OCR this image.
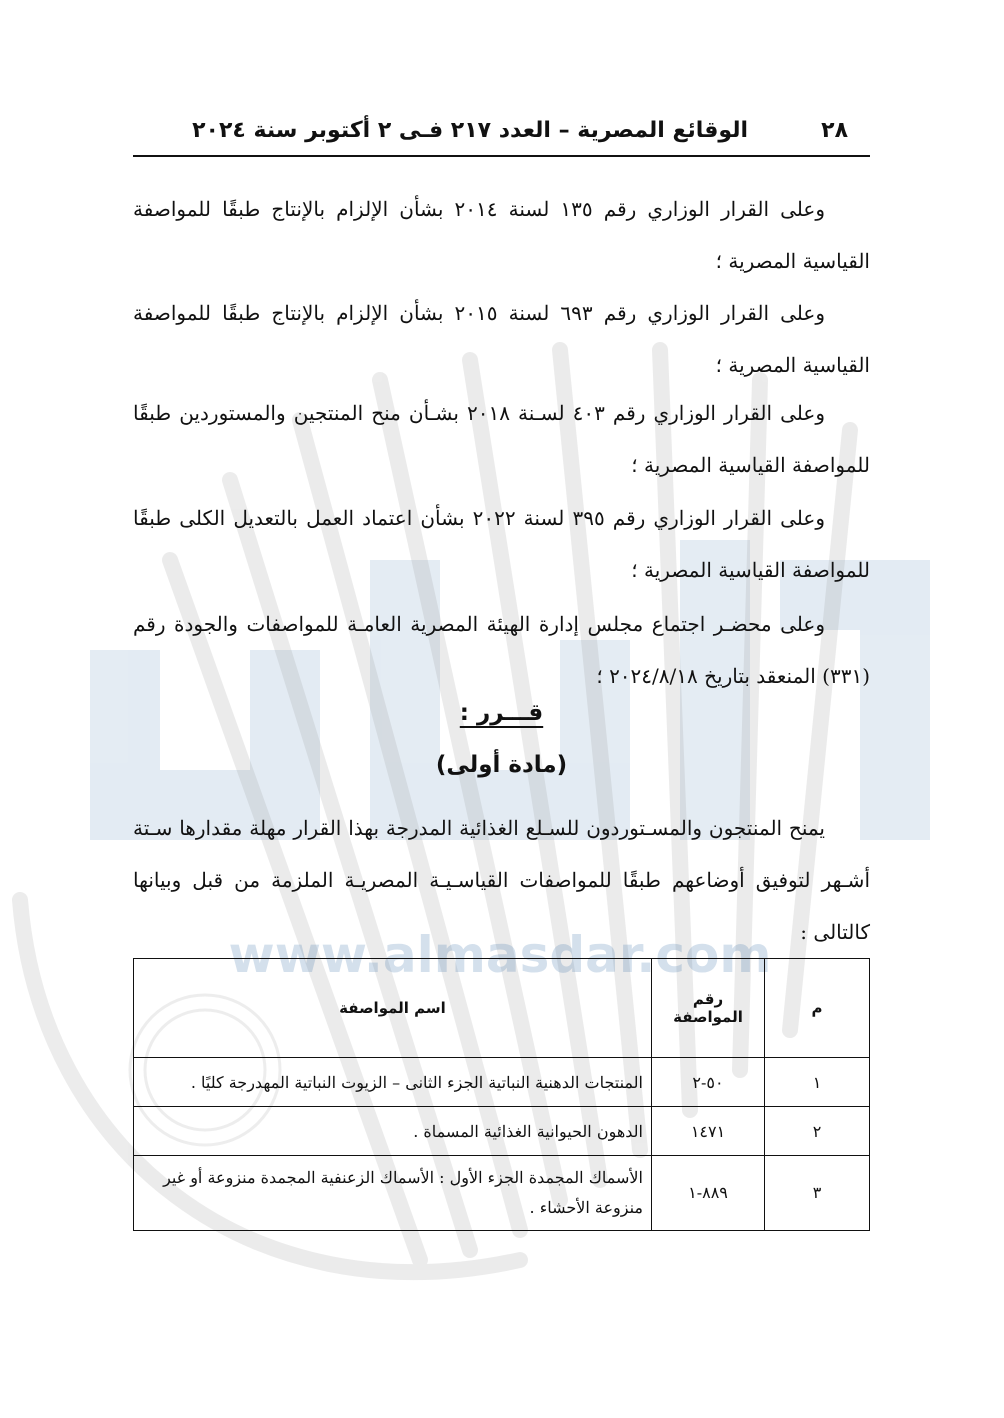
www.almasdar.com
٢٨
الوقائع المصرية – العدد ٢١٧ فـى ٢ أكتوبر سنة ٢٠٢٤
وعلى القرار الوزاري رقم ١٣٥ لسنة ٢٠١٤ بشأن الإلزام بالإنتاج طبقًا للمواصفة القياسية المصرية ؛
وعلى القرار الوزاري رقم ٦٩٣ لسنة ٢٠١٥ بشأن الإلزام بالإنتاج طبقًا للمواصفة القياسية المصرية ؛
وعلى القرار الوزاري رقم ٤٠٣ لسـنة ٢٠١٨ بشـأن منح المنتجين والمستوردين طبقًا للمواصفة القياسية المصرية ؛
وعلى القرار الوزاري رقم ٣٩٥ لسنة ٢٠٢٢ بشأن اعتماد العمل بالتعديل الكلى طبقًا للمواصفة القياسية المصرية ؛
وعلى محضـر اجتماع مجلس إدارة الهيئة المصرية العامـة للمواصفات والجودة رقم (٣٣١) المنعقد بتاريخ ٢٠٢٤/٨/١٨ ؛
قـــرر :
(مادة أولى)
يمنح المنتجون والمسـتوردون للسـلع الغذائية المدرجة بهذا القرار مهلة مقدارها سـتة أشـهر لتوفيق أوضاعهم طبقًا للمواصفات القياسـيـة المصريـة الملزمة من قبل وبيانها كالتالى :
م	رقم المواصفة	اسم المواصفة
١	٥٠-٢	المنتجات الدهنية النباتية الجزء الثانى – الزيوت النباتية المهدرجة كليًا .
٢	١٤٧١	الدهون الحيوانية الغذائية المسماة .
٣	٨٨٩-١	الأسماك المجمدة الجزء الأول : الأسماك الزعنفية المجمدة منزوعة أو غير منزوعة الأحشاء .
